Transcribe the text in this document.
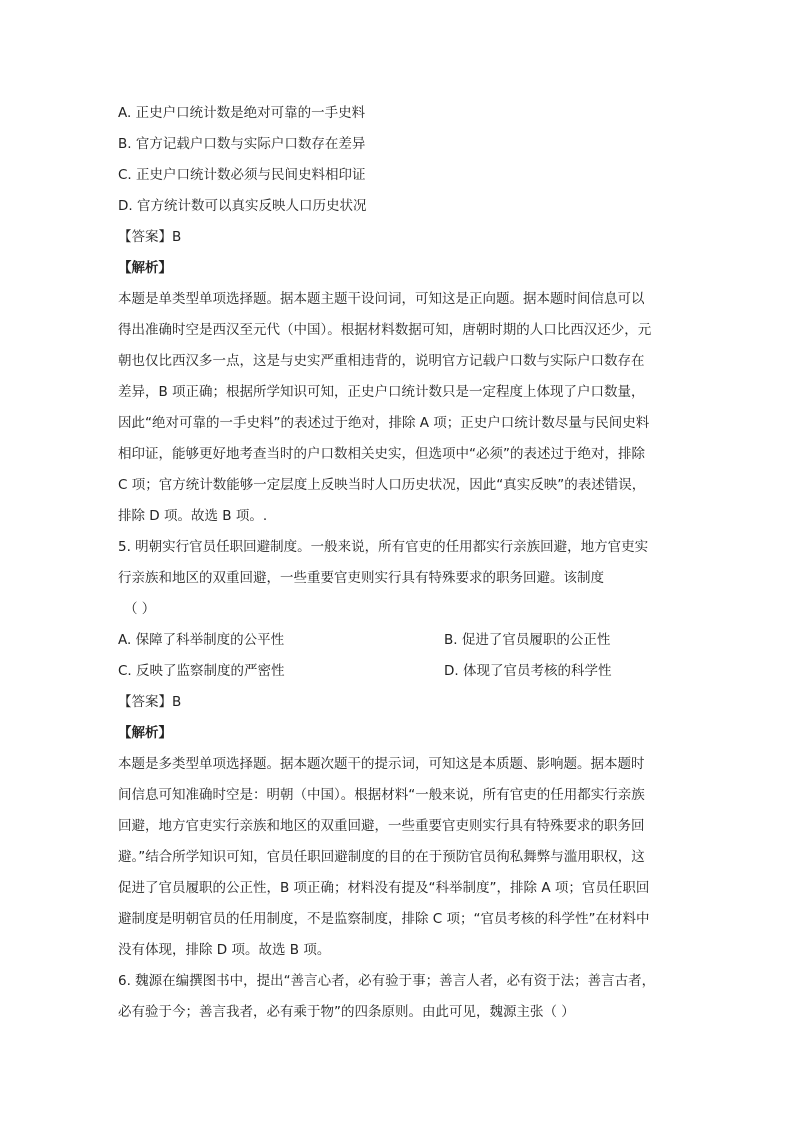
A. 正史户口统计数是绝对可靠的一手史料
B. 官方记载户口数与实际户口数存在差异
C. 正史户口统计数必须与民间史料相印证
D. 官方统计数可以真实反映人口历史状况
【答案】B
【解析】
本题是单类型单项选择题。据本题主题干设问词，可知这是正向题。据本题时间信息可以
得出准确时空是西汉至元代（中国）。根据材料数据可知，唐朝时期的人口比西汉还少，元
朝也仅比西汉多一点，这是与史实严重相违背的，说明官方记载户口数与实际户口数存在
差异，B 项正确；根据所学知识可知，正史户口统计数只是一定程度上体现了户口数量，
因此“绝对可靠的一手史料”的表述过于绝对，排除 A 项；正史户口统计数尽量与民间史料
相印证，能够更好地考查当时的户口数相关史实，但选项中“必须”的表述过于绝对，排除
C 项；官方统计数能够一定层度上反映当时人口历史状况，因此“真实反映”的表述错误，
排除 D 项。故选 B 项。.
5. 明朝实行官员任职回避制度。一般来说，所有官吏的任用都实行亲族回避，地方官吏实
行亲族和地区的双重回避，一些重要官吏则实行具有特殊要求的职务回避。该制度
（ ）
A. 保障了科举制度的公平性	B. 促进了官员履职的公正性
C. 反映了监察制度的严密性	D. 体现了官员考核的科学性
【答案】B
【解析】
本题是多类型单项选择题。据本题次题干的提示词，可知这是本质题、影响题。据本题时
间信息可知准确时空是：明朝（中国）。根据材料“一般来说，所有官吏的任用都实行亲族
回避，地方官吏实行亲族和地区的双重回避，一些重要官吏则实行具有特殊要求的职务回
避。”结合所学知识可知，官员任职回避制度的目的在于预防官员徇私舞弊与滥用职权，这
促进了官员履职的公正性，B 项正确；材料没有提及“科举制度”，排除 A 项；官员任职回
避制度是明朝官员的任用制度，不是监察制度，排除 C 项；“官员考核的科学性”在材料中
没有体现，排除 D 项。故选 B 项。
6. 魏源在编撰图书中，提出“善言心者，必有验于事；善言人者，必有资于法；善言古者，
必有验于今；善言我者，必有乘于物”的四条原则。由此可见，魏源主张（ ）
